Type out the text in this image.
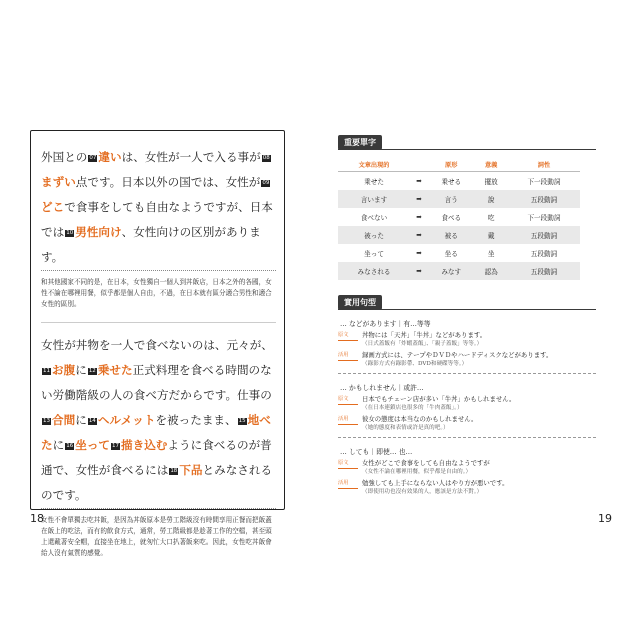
外国との 07 違いは、女性が一人で入る事が 08まずい点です。日本以外の国では、女性が 09どこで食事をしても自由なようですが、日本では 10 男性向け、女性向けの区別があります。
和其他國家不同的是，在日本，女性獨自一個人到丼飯店，日本之外的各國，女性不論在哪裡用餐，似乎都是個人自由，不過，在日本就有區分適合男性和適合女性的區別。
女性が丼物を一人で食べないのは、元々が、11 お腹に 12 乗せた正式料理を食べる時間のない労働階級の人の食べ方だからです。仕事の13 合間に 14 ヘルメットを被ったまま、 15 地べたに 16 坐って 17 描き込むように食べるのが普通で、女性が食べるには 18 下品とみなされるのです。
女性不會單獨去吃丼飯，是因為丼飯原本是勞工階級沒有時間享用正餐而把飯蓋在飯上的吃法，而有的飲食方式，通常，勞工階級都是趁著工作的空檔，甚至頭上還戴著安全帽，直接坐在地上，就匆忙大口扒著飯來吃。因此，女性吃丼飯會給人沒有氣質的感覺。
18
重要單字
文章出現的		原形	意義	詞性
乗せた	➡	乗せる	擺放	下一段動詞
言います	➡	言う	說	五段動詞
食べない	➡	食べる	吃	下一段動詞
被った	➡	被る	戴	五段動詞
坐って	➡	坐る	坐	五段動詞
みなされる	➡	みなす	認為	五段動詞
實用句型
… などがあります｜有…等等
原文	丼物には「天丼」「牛丼」などがあります。
（日式蓋飯有「炸蝦蓋飯」、「親子蓋飯」等等。）
活用	録画方式には、テープやＤＶＤやハードディスクなどがあります。
（錄影方式有錄影帶、DVD和硬碟等等。）
… かもしれません｜或許…
原文	日本でもチェーン店が多い「牛丼」かもしれません。
（在日本連鎖店也很多的「牛肉蓋飯」。）
活用	彼女の態度は本当なのかもしれません。
（她的態度和表情或許是真的吧。）
… しても｜即使… 也…
原文	女性がどこで食事をしても自由なようですが
（女性不論在哪裡用餐，似乎都是自由的。）
活用	勉強しても上手にならない人はやり方が悪いです。
（即使用功也沒有效果的人，應該是方法不對。）
19
